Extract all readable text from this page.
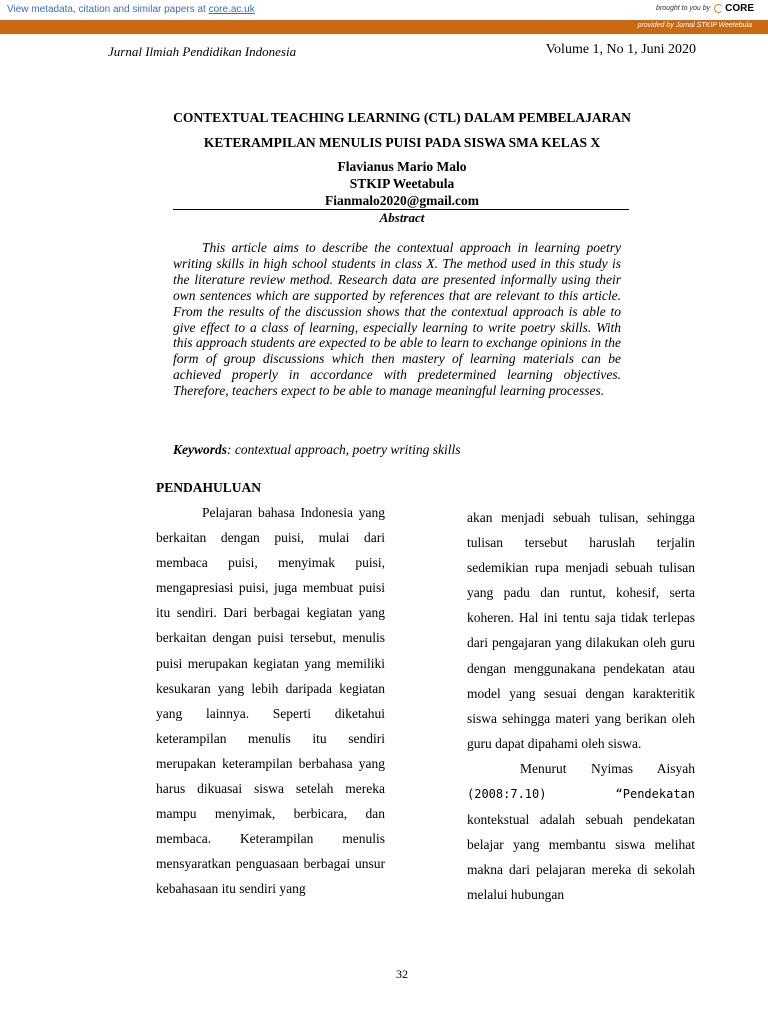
View metadata, citation and similar papers at core.ac.uk	brought to you by CORE
provided by Jurnal STKIP Weetebula
Jurnal Ilmiah Pendidikan Indonesia	Volume 1, No 1, Juni 2020
CONTEXTUAL TEACHING LEARNING (CTL) DALAM PEMBELAJARAN
KETERAMPILAN MENULIS PUISI PADA SISWA SMA KELAS X
Flavianus Mario Malo
STKIP Weetabula
Fianmalo2020@gmail.com
Abstract

This article aims to describe the contextual approach in learning poetry writing skills in high school students in class X. The method used in this study is the literature review method. Research data are presented informally using their own sentences which are supported by references that are relevant to this article. From the results of the discussion shows that the contextual approach is able to give effect to a class of learning, especially learning to write poetry skills. With this approach students are expected to be able to learn to exchange opinions in the form of group discussions which then mastery of learning materials can be achieved properly in accordance with predetermined learning objectives. Therefore, teachers expect to be able to manage meaningful learning processes.

Keywords: contextual approach, poetry writing skills
PENDAHULUAN

Pelajaran bahasa Indonesia yang berkaitan dengan puisi, mulai dari membaca puisi, menyimak puisi, mengapresiasi puisi, juga membuat puisi itu sendiri. Dari berbagai kegiatan yang berkaitan dengan puisi tersebut, menulis puisi merupakan kegiatan yang memiliki kesukaran yang lebih daripada kegiatan yang lainnya. Seperti diketahui keterampilan menulis itu sendiri merupakan keterampilan berbahasa yang harus dikuasai siswa setelah mereka mampu menyimak, berbicara, dan membaca. Keterampilan menulis mensyaratkan penguasaan berbagai unsur kebahasaan itu sendiri yang

akan menjadi sebuah tulisan, sehingga tulisan tersebut haruslah terjalin sedemikian rupa menjadi sebuah tulisan yang padu dan runtut, kohesif, serta koheren. Hal ini tentu saja tidak terlepas dari pengajaran yang dilakukan oleh guru dengan menggunakana pendekatan atau model yang sesuai dengan karakteritik siswa sehingga materi yang berikan oleh guru dapat dipahami oleh siswa.

Menurut Nyimas Aisyah (2008:7.10) “Pendekatan kontekstual adalah sebuah pendekatan belajar yang membantu siswa melihat makna dari pelajaran mereka di sekolah melalui hubungan

32
